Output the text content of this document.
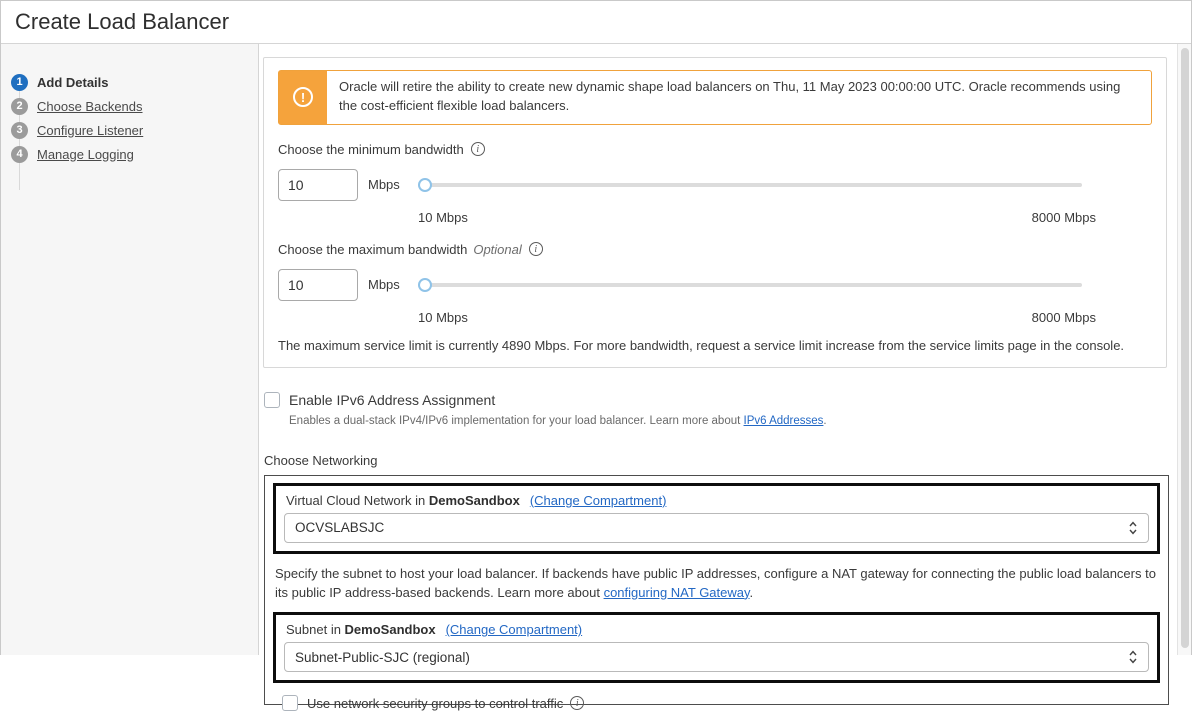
Create Load Balancer
1	Add Details
2	Choose Backends
3	Configure Listener
4	Manage Logging
!
Oracle will retire the ability to create new dynamic shape load balancers on Thu, 11 May 2023 00:00:00 UTC. Oracle recommends using the cost-efficient flexible load balancers.
Choose the minimum bandwidth	i
10
Mbps
10 Mbps	8000 Mbps
Choose the maximum bandwidth Optional	i
10
Mbps
10 Mbps	8000 Mbps
The maximum service limit is currently 4890 Mbps. For more bandwidth, request a service limit increase from the service limits page in the console.
Enable IPv6 Address Assignment
Enables a dual-stack IPv4/IPv6 implementation for your load balancer. Learn more about IPv6 Addresses.
Choose Networking
Virtual Cloud Network in DemoSandbox (Change Compartment)
OCVSLABSJC
Specify the subnet to host your load balancer. If backends have public IP addresses, configure a NAT gateway for connecting the public load balancers to its public IP address-based backends. Learn more about configuring NAT Gateway.
Subnet in DemoSandbox (Change Compartment)
Subnet-Public-SJC (regional)
Use network security groups to control traffic	i
